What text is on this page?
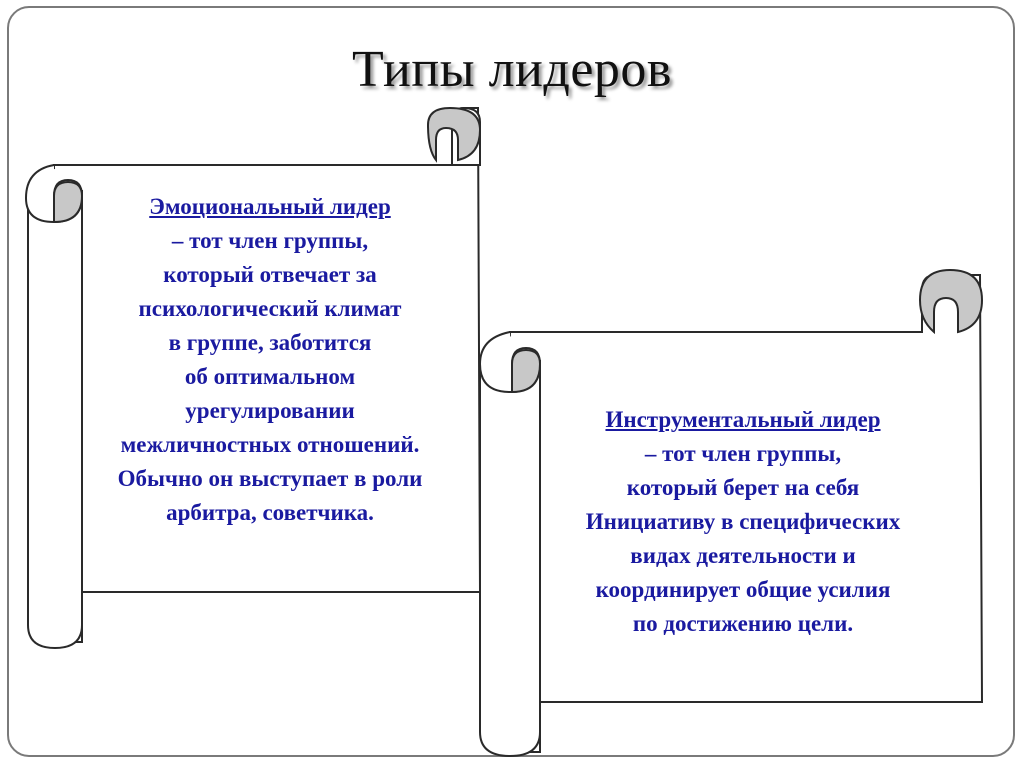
Типы лидеров
Эмоциональный лидер
– тот член группы,
который отвечает за
психологический климат
в группе, заботится
об оптимальном
урегулировании
межличностных отношений.
Обычно он выступает в роли
арбитра, советчика.
Инструментальный лидер
– тот член группы,
который берет на себя
Инициативу в специфических
видах деятельности и
координирует общие усилия
по достижению цели.
